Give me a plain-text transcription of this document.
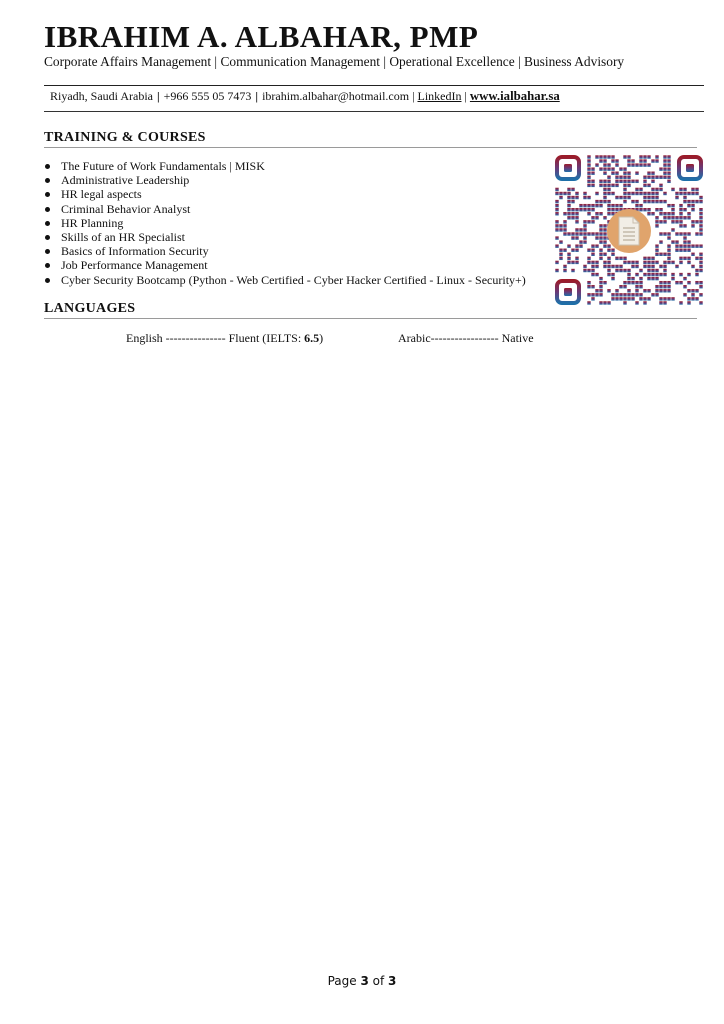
IBRAHIM A. ALBAHAR, PMP
Corporate Affairs Management | Communication Management | Operational Excellence | Business Advisory
Riyadh, Saudi Arabia | +966 555 05 7473 | ibrahim.albahar@hotmail.com | LinkedIn | www.ialbahar.sa
TRAINING & COURSES
The Future of Work Fundamentals | MISK
Administrative Leadership
HR legal aspects
Criminal Behavior Analyst
HR Planning
Skills of an HR Specialist
Basics of Information Security
Job Performance Management
Cyber Security Bootcamp (Python - Web Certified - Cyber Hacker Certified - Linux - Security+)
LANGUAGES
English --------------- Fluent (IELTS: 6.5)	Arabic----------------- Native
Page 3 of 3
